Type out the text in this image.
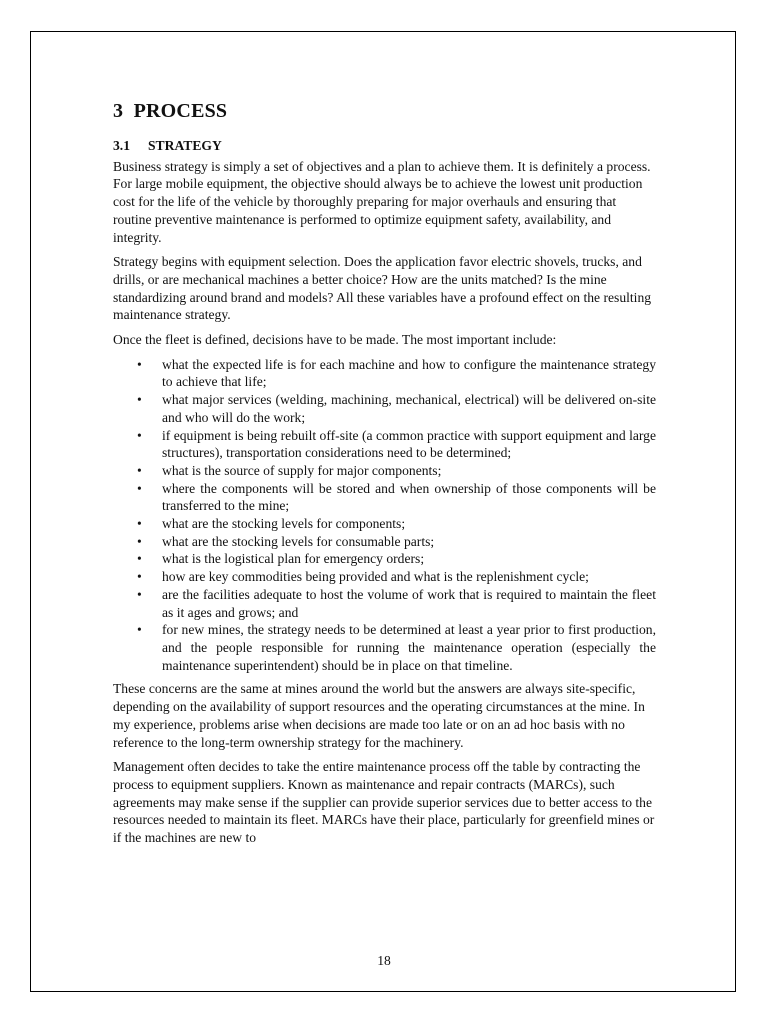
3 PROCESS
3.1 STRATEGY

Business strategy is simply a set of objectives and a plan to achieve them. It is definitely a process. For large mobile equipment, the objective should always be to achieve the lowest unit production cost for the life of the vehicle by thoroughly preparing for major overhauls and ensuring that routine preventive maintenance is performed to optimize equipment safety, availability, and integrity.

Strategy begins with equipment selection. Does the application favor electric shovels, trucks, and drills, or are mechanical machines a better choice? How are the units matched? Is the mine standardizing around brand and models? All these variables have a profound effect on the resulting maintenance strategy.

Once the fleet is defined, decisions have to be made. The most important include:

• what the expected life is for each machine and how to configure the maintenance strategy to achieve that life;
• what major services (welding, machining, mechanical, electrical) will be delivered on-site and who will do the work;
• if equipment is being rebuilt off-site (a common practice with support equipment and large structures), transportation considerations need to be determined;
• what is the source of supply for major components;
• where the components will be stored and when ownership of those components will be transferred to the mine;
• what are the stocking levels for components;
• what are the stocking levels for consumable parts;
• what is the logistical plan for emergency orders;
• how are key commodities being provided and what is the replenishment cycle;
• are the facilities adequate to host the volume of work that is required to maintain the fleet as it ages and grows; and
• for new mines, the strategy needs to be determined at least a year prior to first production, and the people responsible for running the maintenance operation (especially the maintenance superintendent) should be in place on that timeline.

These concerns are the same at mines around the world but the answers are always site-specific, depending on the availability of support resources and the operating circumstances at the mine. In my experience, problems arise when decisions are made too late or on an ad hoc basis with no reference to the long-term ownership strategy for the machinery.

Management often decides to take the entire maintenance process off the table by contracting the process to equipment suppliers. Known as maintenance and repair contracts (MARCs), such agreements may make sense if the supplier can provide superior services due to better access to the resources needed to maintain its fleet. MARCs have their place, particularly for greenfield mines or if the machines are new to

18
